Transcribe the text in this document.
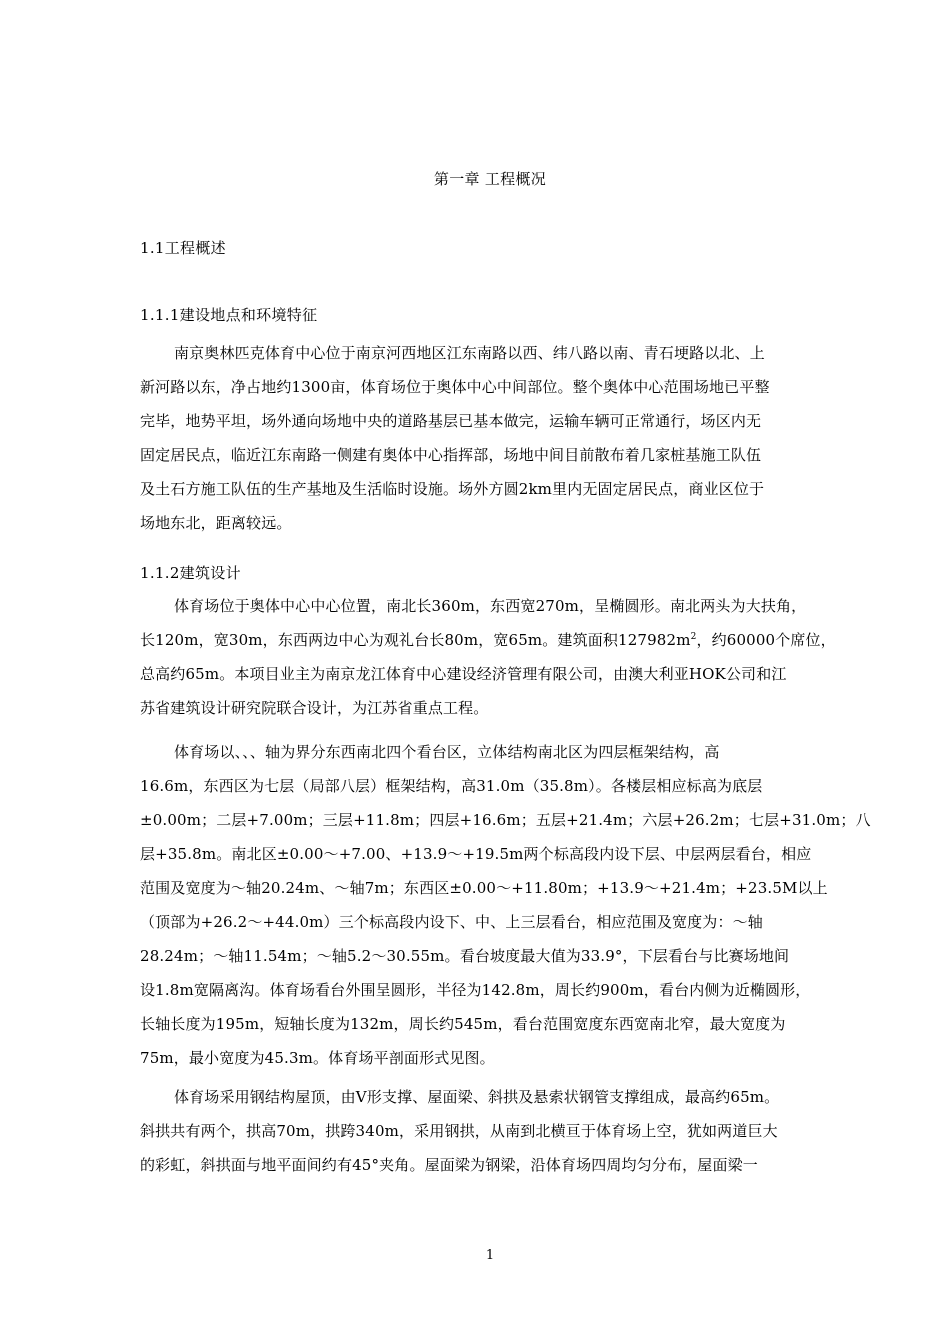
第一章 工程概况
1.1工程概述
1.1.1建设地点和环境特征
南京奥林匹克体育中心位于南京河西地区江东南路以西、纬八路以南、青石埂路以北、上
新河路以东，净占地约1300亩，体育场位于奥体中心中间部位。整个奥体中心范围场地已平整
完毕，地势平坦，场外通向场地中央的道路基层已基本做完，运输车辆可正常通行，场区内无
固定居民点，临近江东南路一侧建有奥体中心指挥部，场地中间目前散布着几家桩基施工队伍
及土石方施工队伍的生产基地及生活临时设施。场外方圆2km里内无固定居民点，商业区位于
场地东北，距离较远。
1.1.2建筑设计
体育场位于奥体中心中心位置，南北长360m，东西宽270m，呈椭圆形。南北两头为大扶角，
长120m，宽30m，东西两边中心为观礼台长80m，宽65m。建筑面积$127982m^2$，约60000个席位，
总高约65m。本项目业主为南京龙江体育中心建设经济管理有限公司，由澳大利亚HOK公司和江
苏省建筑设计研究院联合设计，为江苏省重点工程。
体育场以、、、轴为界分东西南北四个看台区，立体结构南北区为四层框架结构，高
16.6m，东西区为七层（局部八层）框架结构，高31.0m（35.8m）。各楼层相应标高为底层
±0.00m；二层+7.00m；三层+11.8m；四层+16.6m；五层+21.4m；六层+26.2m；七层+31.0m；八
层+35.8m。南北区±0.00～+7.00、+13.9～+19.5m两个标高段内设下层、中层两层看台，相应
范围及宽度为～轴20.24m、～轴7m；东西区±0.00～+11.80m；+13.9～+21.4m；+23.5M以上
（顶部为+26.2～+44.0m）三个标高段内设下、中、上三层看台，相应范围及宽度为：～轴
28.24m；～轴11.54m；～轴5.2～30.55m。看台坡度最大值为33.9°，下层看台与比赛场地间
设1.8m宽隔离沟。体育场看台外围呈圆形，半径为142.8m，周长约900m，看台内侧为近椭圆形，
长轴长度为195m，短轴长度为132m，周长约545m，看台范围宽度东西宽南北窄，最大宽度为
75m，最小宽度为45.3m。体育场平剖面形式见图。
体育场采用钢结构屋顶，由V形支撑、屋面梁、斜拱及悬索状钢管支撑组成，最高约65m。
斜拱共有两个，拱高70m，拱跨340m，采用钢拱，从南到北横亘于体育场上空，犹如两道巨大
的彩虹，斜拱面与地平面间约有45°夹角。屋面梁为钢梁，沿体育场四周均匀分布，屋面梁一
1
